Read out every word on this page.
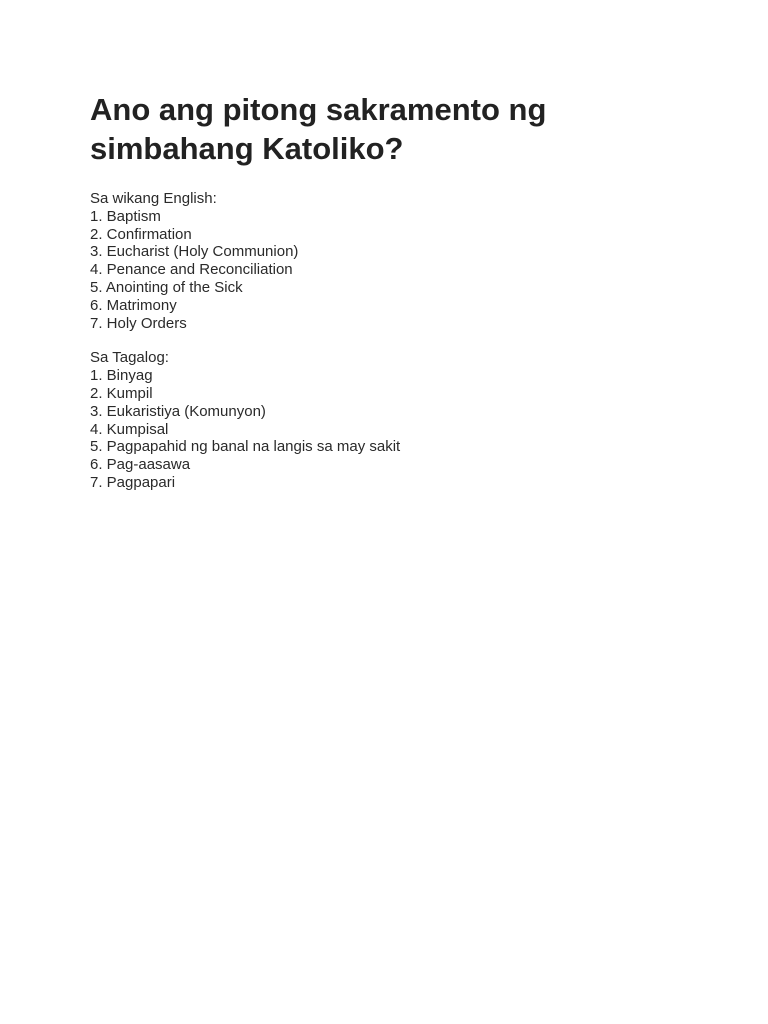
Ano ang pitong sakramento ng simbahang Katoliko?

Sa wikang English:

1. Baptism
2. Confirmation
3. Eucharist (Holy Communion)
4. Penance and Reconciliation
5. Anointing of the Sick
6. Matrimony
7. Holy Orders

Sa Tagalog:

1. Binyag
2. Kumpil
3. Eukaristiya (Komunyon)
4. Kumpisal
5. Pagpapahid ng banal na langis sa may sakit
6. Pag-aasawa
7. Pagpapari
